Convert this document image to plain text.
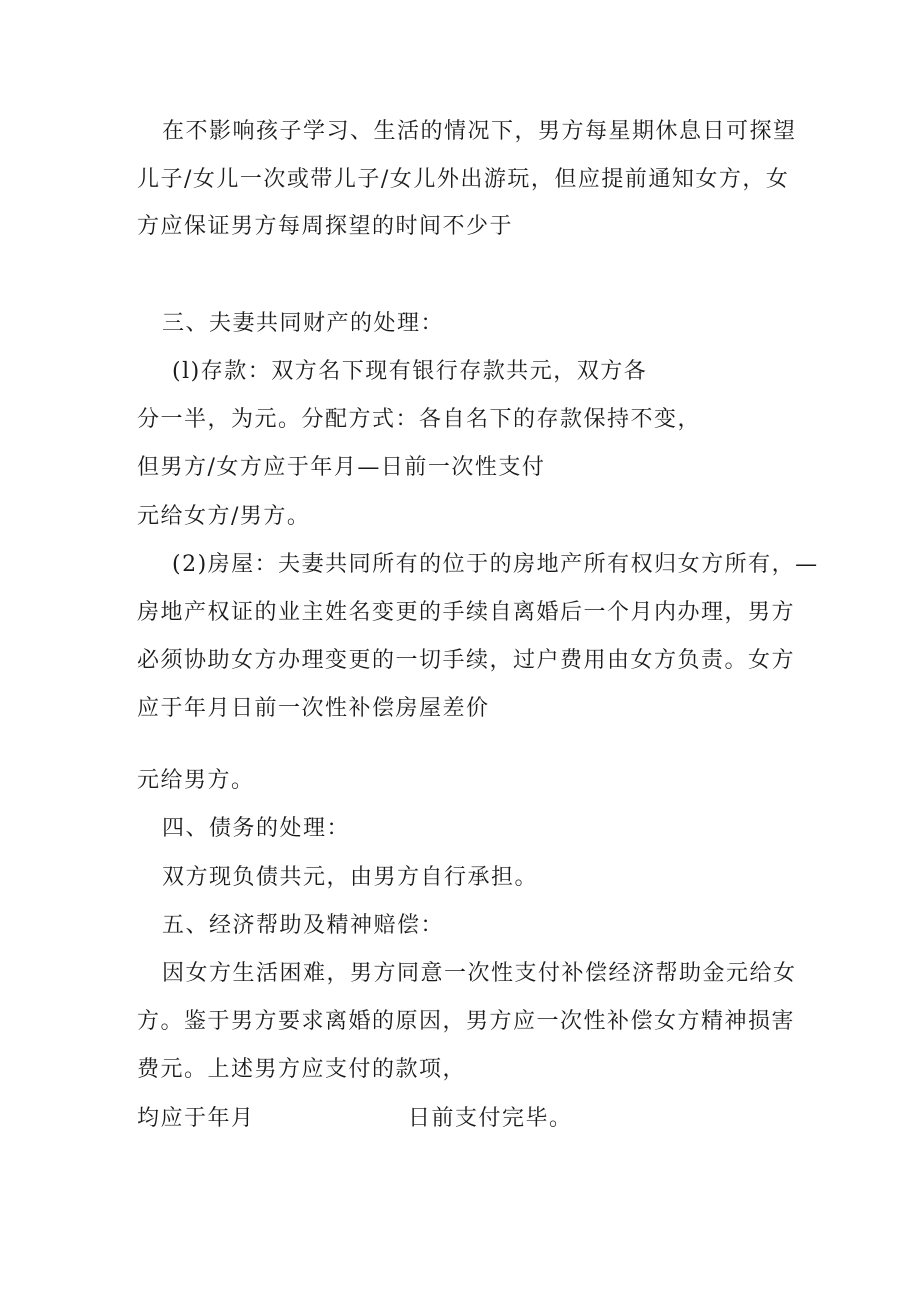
在不影响孩子学习、生活的情况下，男方每星期休息日可探望
儿子/女儿一次或带儿子/女儿外出游玩，但应提前通知女方，女
方应保证男方每周探望的时间不少于
三、夫妻共同财产的处理：
(l)存款：双方名下现有银行存款共元，双方各
分一半，为元。分配方式：各自名下的存款保持不变，
但男方/女方应于年月—日前一次性支付
元给女方/男方。
(2)房屋：夫妻共同所有的位于的房地产所有权归女方所有，—
房地产权证的业主姓名变更的手续自离婚后一个月内办理，男方
必须协助女方办理变更的一切手续，过户费用由女方负责。女方
应于年月日前一次性补偿房屋差价
元给男方。
四、债务的处理：
双方现负债共元，由男方自行承担。
五、经济帮助及精神赔偿：
因女方生活困难，男方同意一次性支付补偿经济帮助金元给女
方。鉴于男方要求离婚的原因，男方应一次性补偿女方精神损害
费元。上述男方应支付的款项，
均应于年月	日前支付完毕。
